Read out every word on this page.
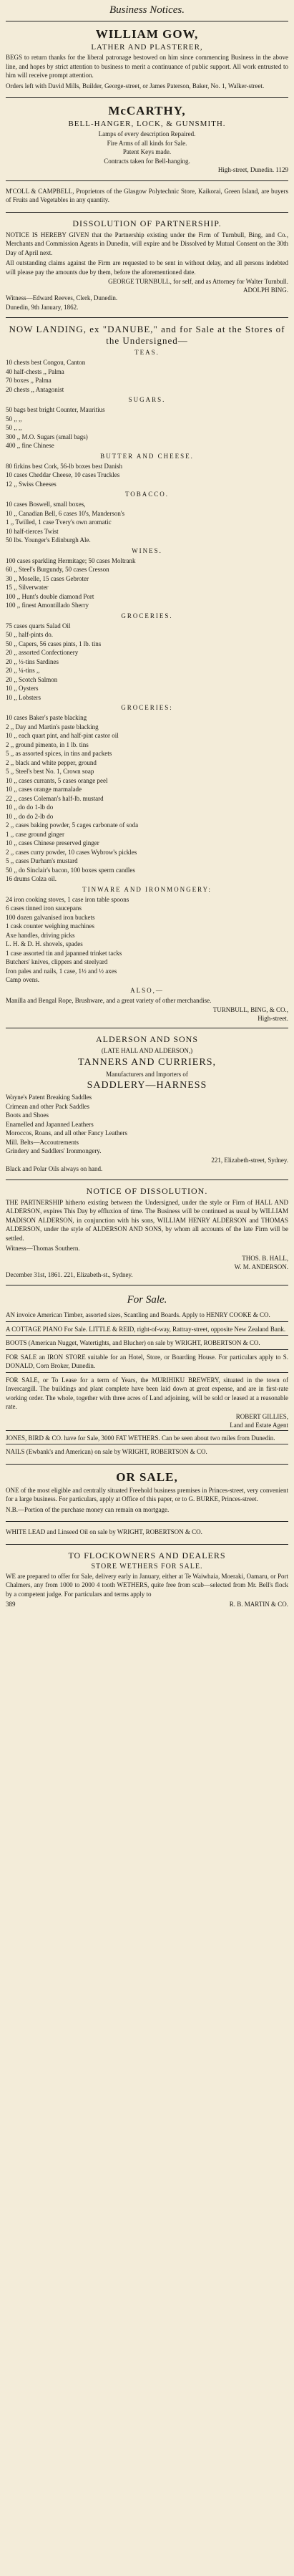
Business Notices.
WILLIAM GOW,
LATHER AND PLASTERER,
BEGS to return thanks for the liberal patronage bestowed on him since commencing Business in the above line, and hopes by strict attention to business to merit a continuance of public support. All work entrusted to him will receive prompt attention.
Orders left with David Mills, Builder, George-street, or James Paterson, Baker, No. 1, Walker-street.
McCARTHY,
BELL-HANGER, LOCK, & GUNSMITH.
Lamps of every description Repaired.
Fire Arms of all kinds for Sale.
Patent Keys made.
Contracts taken for Bell-hanging.
High-street, Dunedin. 1129
M'COLL & CAMPBELL, Proprietors of the Glasgow Polytechnic Store, Kaikorai, Green Island, are buyers of Fruits and Vegetables in any quantity.
DISSOLUTION OF PARTNERSHIP.
NOTICE IS HEREBY GIVEN that the Partnership existing under the Firm of Turnbull, Bing, and Co., Merchants and Commission Agents in Dunedin, will expire and be Dissolved by Mutual Consent on the 30th Day of April next.
All outstanding claims against the Firm are requested to be sent in without delay, and all persons indebted will please pay the amounts due by them, before the aforementioned date.
GEORGE TURNBULL, for self, and as Attorney for Walter Turnbull.
ADOLPH BING.
Witness—Edward Reeves, Clerk, Dunedin.
Dunedin, 9th January, 1862.
NOW LANDING, ex "DANUBE," and for Sale at the Stores of the Undersigned—
TEAS.
10 chests best Congou, Canton
40 half-chests ,, Palma
70 boxes ,, Palma
20 chests ,, Antagonist
SUGARS.
50 bags best bright Counter, Mauritius
50 ,, ,,
50 ,, ,,
300 ,, M.O. Sugars (small bags)
400 ,, fine Chinese
BUTTER AND CHEESE.
80 firkins best Cork, 56-lb boxes best Danish
10 cases Cheddar Cheese, 10 cases Truckles
12 ,, Swiss Cheeses
TOBACCO.
10 cases Boswell, small boxes,
10 ,, Canadian Bell, 6 cases 10's, Manderson's
1 ,, Twilled, 1 case Tvery's own aromatic
10 half-tierces Twist
50 lbs. Younger's Edinburgh Ale.
WINES.
100 cases sparkling Hermitage; 50 cases Moltrank
60 ,, Steel's Burgundy, 50 cases Cresson
30 ,, Moselle, 15 cases Gebroter
15 ,, Silverwater
100 ,, Hunt's double diamond Port
100 ,, finest Amontillado Sherry
GROCERIES.
75 cases quarts Salad Oil
50 ,, half-pints do.
50 ,, Capers, 56 cases pints, 1 lb. tins
20 ,, assorted Confectionery
20 ,, ½-tins Sardines
20 ,, ¼-tins ,,
20 ,, Scotch Salmon
10 ,, Oysters
10 ,, Lobsters
GROCERIES:
10 cases Baker's paste blacking
2 ,, Day and Martin's paste blacking
10 ,, each quart pint, and half-pint castor oil
2 ,, ground pimento, in 1 lb. tins
5 ,, as assorted spices, in tins and packets
2 ,, black and white pepper, ground
5 ,, Steel's best No. 1, Crown soap
10 ,, cases currants, 5 cases orange peel
10 ,, cases orange marmalade
22 ,, cases Coleman's half-lb. mustard
10 ,, do do 1-lb do
10 ,, do do 2-lb do
2 ,, cases baking powder, 5 cages carbonate of soda
1 ,, case ground ginger
10 ,, cases Chinese preserved ginger
2 ,, cases curry powder, 10 cases Wybrow's pickles
5 ,, cases Durham's mustard
50 ,, do Sinclair's bacon, 100 boxes sperm candles
16 drums Colza oil.
TINWARE AND IRONMONGERY:
24 iron cooking stoves, 1 case iron table spoons
6 cases tinned iron saucepans
100 dozen galvanised iron buckets
1 cask counter weighing machines
Axe handles, driving picks
L. H. & D. H. shovels, spades
1 case assorted tin and japanned trinket tacks
Butchers' knives, clippers and steelyard
Iron pales and nails, 1 case, 1½ and ½ axes
Camp ovens.
ALSO,—
Manilla and Bengal Rope, Brushware, and a great variety of other merchandise.
TURNBULL, BING, & CO.,
High-street.
ALDERSON AND SONS
(LATE HALL AND ALDERSON,)
TANNERS AND CURRIERS,
Manufacturers and Importers of
SADDLERY—HARNESS
Wayne's Patent Breaking Saddles
Crimean and other Pack Saddles
Boots and Shoes
Enamelled and Japanned Leathers
Moroccos, Roans, and all other Fancy Leathers
Mill. Belts—Accoutrements
Grindery and Saddlers' Ironmongery.
221, Elizabeth-street, Sydney.
Black and Polar Oils always on hand.
NOTICE OF DISSOLUTION.
THE PARTNERSHIP hitherto existing between the Undersigned, under the style or Firm of HALL AND ALDERSON, expires This Day by effluxion of time. The Business will be continued as usual by WILLIAM MADISON ALDERSON, in conjunction with his sons, WILLIAM HENRY ALDERSON and THOMAS ALDERSON, under the style of ALDERSON AND SONS, by whom all accounts of the late Firm will be settled.
Witness—Thomas Southern.
THOS. B. HALL,
W. M. ANDERSON.
December 31st, 1861. 221, Elizabeth-st., Sydney.
For Sale.
AN invoice American Timber, assorted sizes, Scantling and Boards. Apply to HENRY COOKE & CO.
A COTTAGE PIANO For Sale. LITTLE & REID, right-of-way, Rattray-street, opposite New Zealand Bank.
BOOTS (American Nugget, Watertights, and Blucher) on sale by WRIGHT, ROBERTSON & CO.
FOR SALE an IRON STORE suitable for an Hotel, Store, or Boarding House. For particulars apply to S. DONALD, Corn Broker, Dunedin.
FOR SALE, or To Lease for a term of Years, the MURIHIKU BREWERY, situated in the town of Invercargill. The buildings and plant complete have been laid down at great expense, and are in first-rate working order. The whole, together with three acres of Land adjoining, will be sold or leased at a reasonable rate.
ROBERT GILLIES,
Land and Estate Agent
JONES, BIRD & CO. have for Sale, 3000 FAT WETHERS. Can be seen about two miles from Dunedin.
NAILS (Ewbank's and American) on sale by WRIGHT, ROBERTSON & CO.
OR SALE,
ONE of the most eligible and centrally situated Freehold business premises in Princes-street, very convenient for a large business. For particulars, apply at Office of this paper, or to G. BURKE, Princes-street.
N.B.—Portion of the purchase money can remain on mortgage.
WHITE LEAD and Linseed Oil on sale by WRIGHT, ROBERTSON & CO.
TO FLOCKOWNERS AND DEALERS
STORE WETHERS FOR SALE.
WE are prepared to offer for Sale, delivery early in January, either at Te Waiwhaia, Moeraki, Oamaru, or Port Chalmers, any from 1000 to 2000 4 tooth WETHERS, quite free from scab—selected from Mr. Bell's flock by a competent judge. For particulars and terms apply to
389	R. B. MARTIN & CO.
